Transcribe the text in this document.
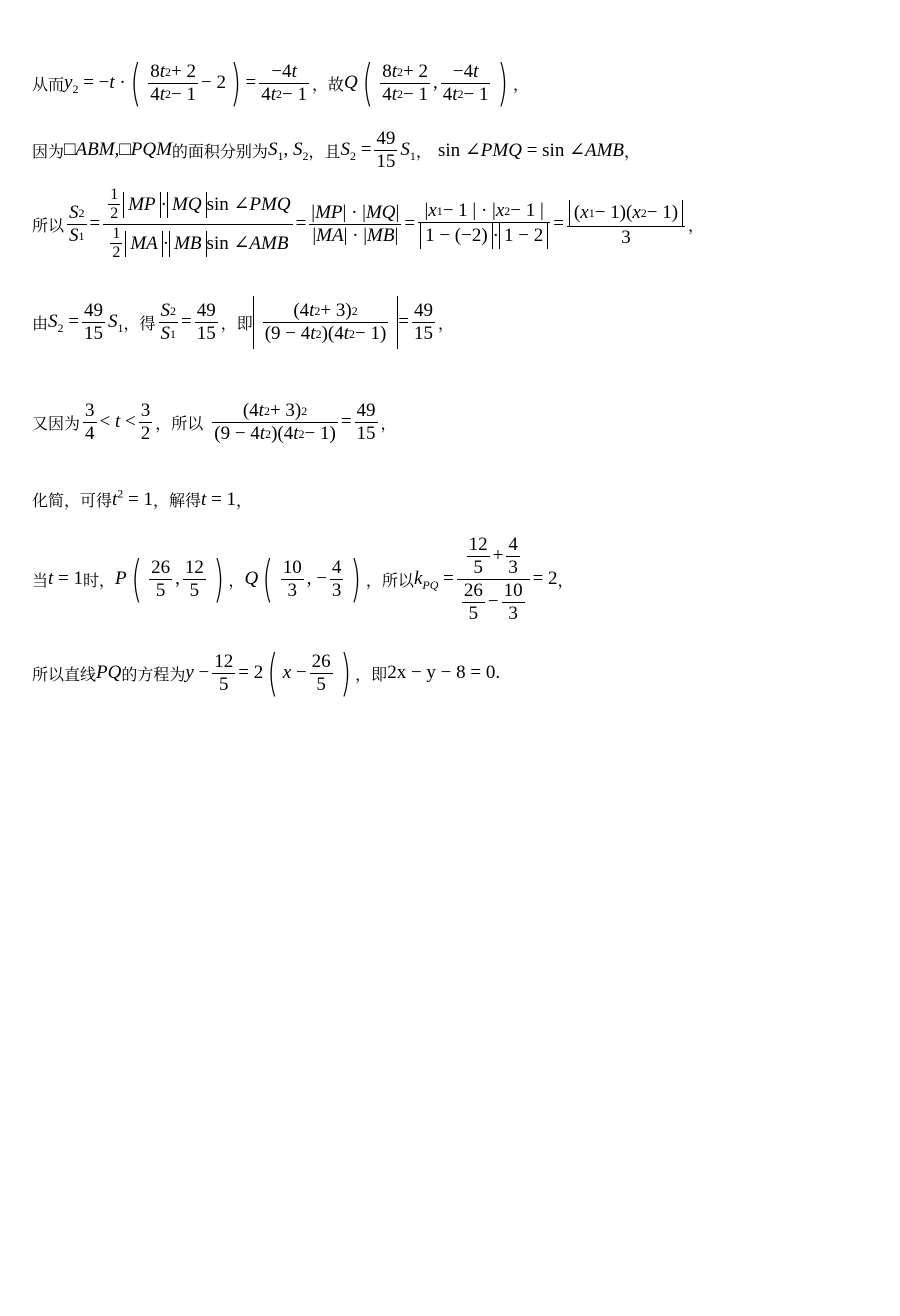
从而 $y_2 = -t$ · ( $\frac{8 t 2 + 2}{4 t 2 - 1} - 2$ ) = $\frac{-4 t}{4 t 2 - 1}$ ，故 Q ( $\frac{8 t 2 + 2}{4 t 2 - 1}$ , $\frac{-4 t}{4 t 2 - 1}$ ) ，
因为 □ABM,□PQM 的面积分别为 $S_1$, $S_2$ ，且 $S_2 = \frac{49}{15} S_1$ ， sin ∠PMQ = sin ∠AMB ，
所以 $\frac{S 2}{S 1} = \frac{\frac{1}{2} MP \cdot MQ \sin \angle PMQ}{\frac{1}{2} MA \cdot MB \sin \angle AMB} = \frac{| MP | \cdot | MQ |}{| MA | \cdot | MB |} = \frac{| x 1 - 1 | \cdot | x 2 - 1 |}{1 - (-2) \cdot 1 - 2} = \frac{( x 1 - 1)( x 2 - 1)}{3}$ ，
由 $S_2 = \frac{49}{15} S_1$ ，得 $\frac{S 2}{S 1} = \frac{49}{15}$ ，即 $\frac{(4 t 2 + 3) 2}{(9 - 4 t 2 )(4 t 2 - 1)} = \frac{49}{15}$ ，
又因为 $\frac{3}{4} < t < \frac{3}{2}$ ，所以 $\frac{(4 t 2 + 3) 2}{(9 - 4 t 2 )(4 t 2 - 1)} = \frac{49}{15}$ ，
化简，可得 $t^2 = 1$ ，解得 t = 1 ，
当 t = 1 时， P ( $\frac{26}{5}$ , $\frac{12}{5}$ ) ， Q ( $\frac{10}{3}$ , − $\frac{4}{3}$ ) ，所以 $k_{PQ} = \frac{\frac{12}{5} + \frac{4}{3}}{\frac{26}{5} - \frac{10}{3}} = 2$ ，
所以直线 PQ 的方程为 $y - \frac{12}{5} = 2$ ( $x - \frac{26}{5}$ ) ，即 2x − y − 8 = 0 .
